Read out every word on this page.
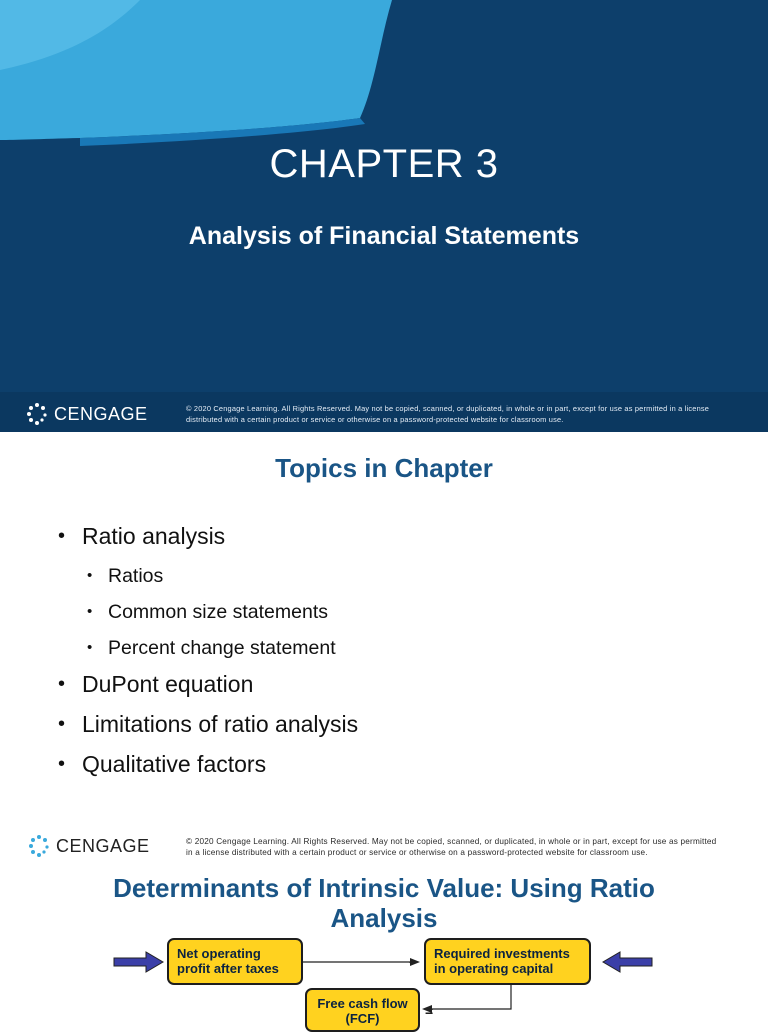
CHAPTER 3
Analysis of Financial Statements
CENGAGE	© 2020 Cengage Learning. All Rights Reserved. May not be copied, scanned, or duplicated, in whole or in part, except for use as permitted in a license
distributed with a certain product or service or otherwise on a password-protected website for classroom use.
Topics in Chapter
• Ratio analysis
• Ratios
• Common size statements
• Percent change statement
• DuPont equation
• Limitations of ratio analysis
• Qualitative factors
CENGAGE	© 2020 Cengage Learning. All Rights Reserved. May not be copied, scanned, or duplicated, in whole or in part, except for use as permitted
in a license distributed with a certain product or service or otherwise on a password-protected website for classroom use.
Determinants of Intrinsic Value: Using Ratio Analysis
Net operating
profit after taxes	−
Required investments
in operating capital
Free cash flow
(FCF)	=
